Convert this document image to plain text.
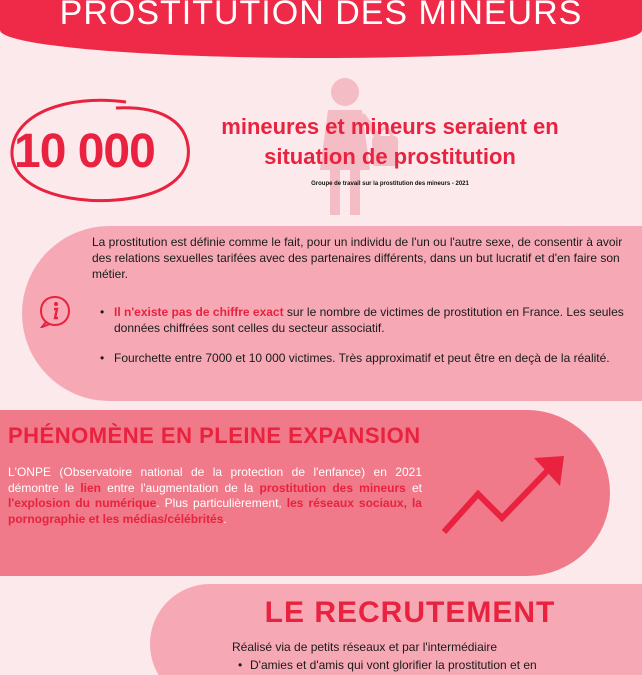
PROSTITUTION DES MINEURS
10 000	mineures et mineurs seraient en
situation de prostitution
Groupe de travail sur la prostitution des mineurs - 2021
La prostitution est définie comme le fait, pour un individu de l'un ou l'autre sexe, de consentir à avoir des relations sexuelles tarifées avec des partenaires différents, dans un but lucratif et d'en faire son métier.
• Il n'existe pas de chiffre exact sur le nombre de victimes de prostitution en France. Les seules données chiffrées sont celles du secteur associatif.
• Fourchette entre 7000 et 10 000 victimes. Très approximatif et peut être en deçà de la réalité.
PHÉNOMÈNE EN PLEINE EXPANSION
L'ONPE (Observatoire national de la protection de l'enfance) en 2021 démontre le lien entre l'augmentation de la prostitution des mineurs et l'explosion du numérique. Plus particulièrement, les réseaux sociaux, la pornographie et les médias/célébrités.
LE RECRUTEMENT
Réalisé via de petits réseaux et par l'intermédiaire
• D'amies et d'amis qui vont glorifier la prostitution et en
